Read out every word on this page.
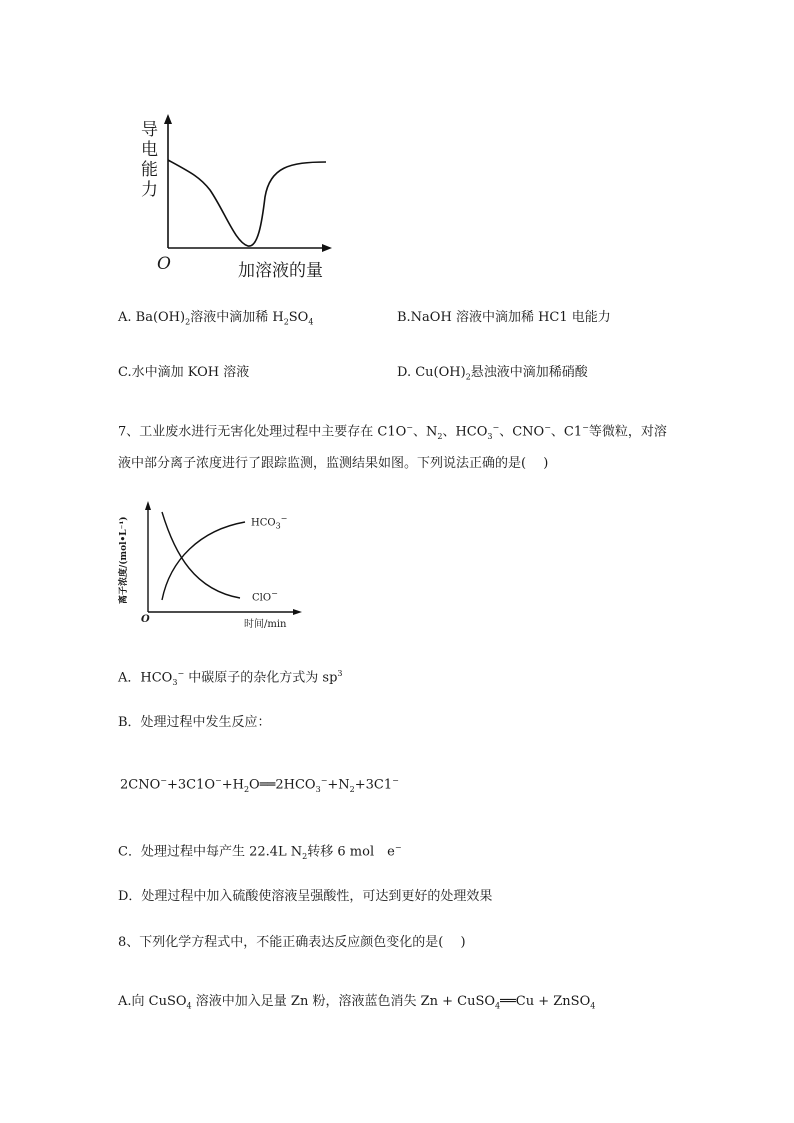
导
电
能
力
O	加溶液的量
A. $Ba(OH)_2$溶液中滴加稀 $H_2SO_4$	B.NaOH 溶液中滴加稀 HC1 电能力
C.水中滴加 KOH 溶液	D. $Cu(OH)_2$悬浊液中滴加稀硝酸
7、工业废水进行无害化处理过程中主要存在 C1O−、$N_2$、$HCO_3^-$、CNO−、C1−等微粒，对溶
液中部分离子浓度进行了跟踪监测，监测结果如图。下列说法正确的是(　 )
离子浓度/(mol•L⁻¹)	$HCO_3^-$
ClO−
O	时间/min
A．$HCO_3^-$ 中碳原子的杂化方式为 $sp^3$
B．处理过程中发生反应：
$2CNO^-+3C1O^-+H_2O══2HCO_3^-+N_2+3C1^-$
C．处理过程中每产生 22.4L $N_2$转移 6 mol　e−
D．处理过程中加入硫酸使溶液呈强酸性，可达到更好的处理效果
8、下列化学方程式中，不能正确表达反应颜色变化的是(　 )
A.向 CuSO$_4$ 溶液中加入足量 Zn 粉，溶液蓝色消失 Zn + CuSO$_4$══Cu + ZnSO$_4$
